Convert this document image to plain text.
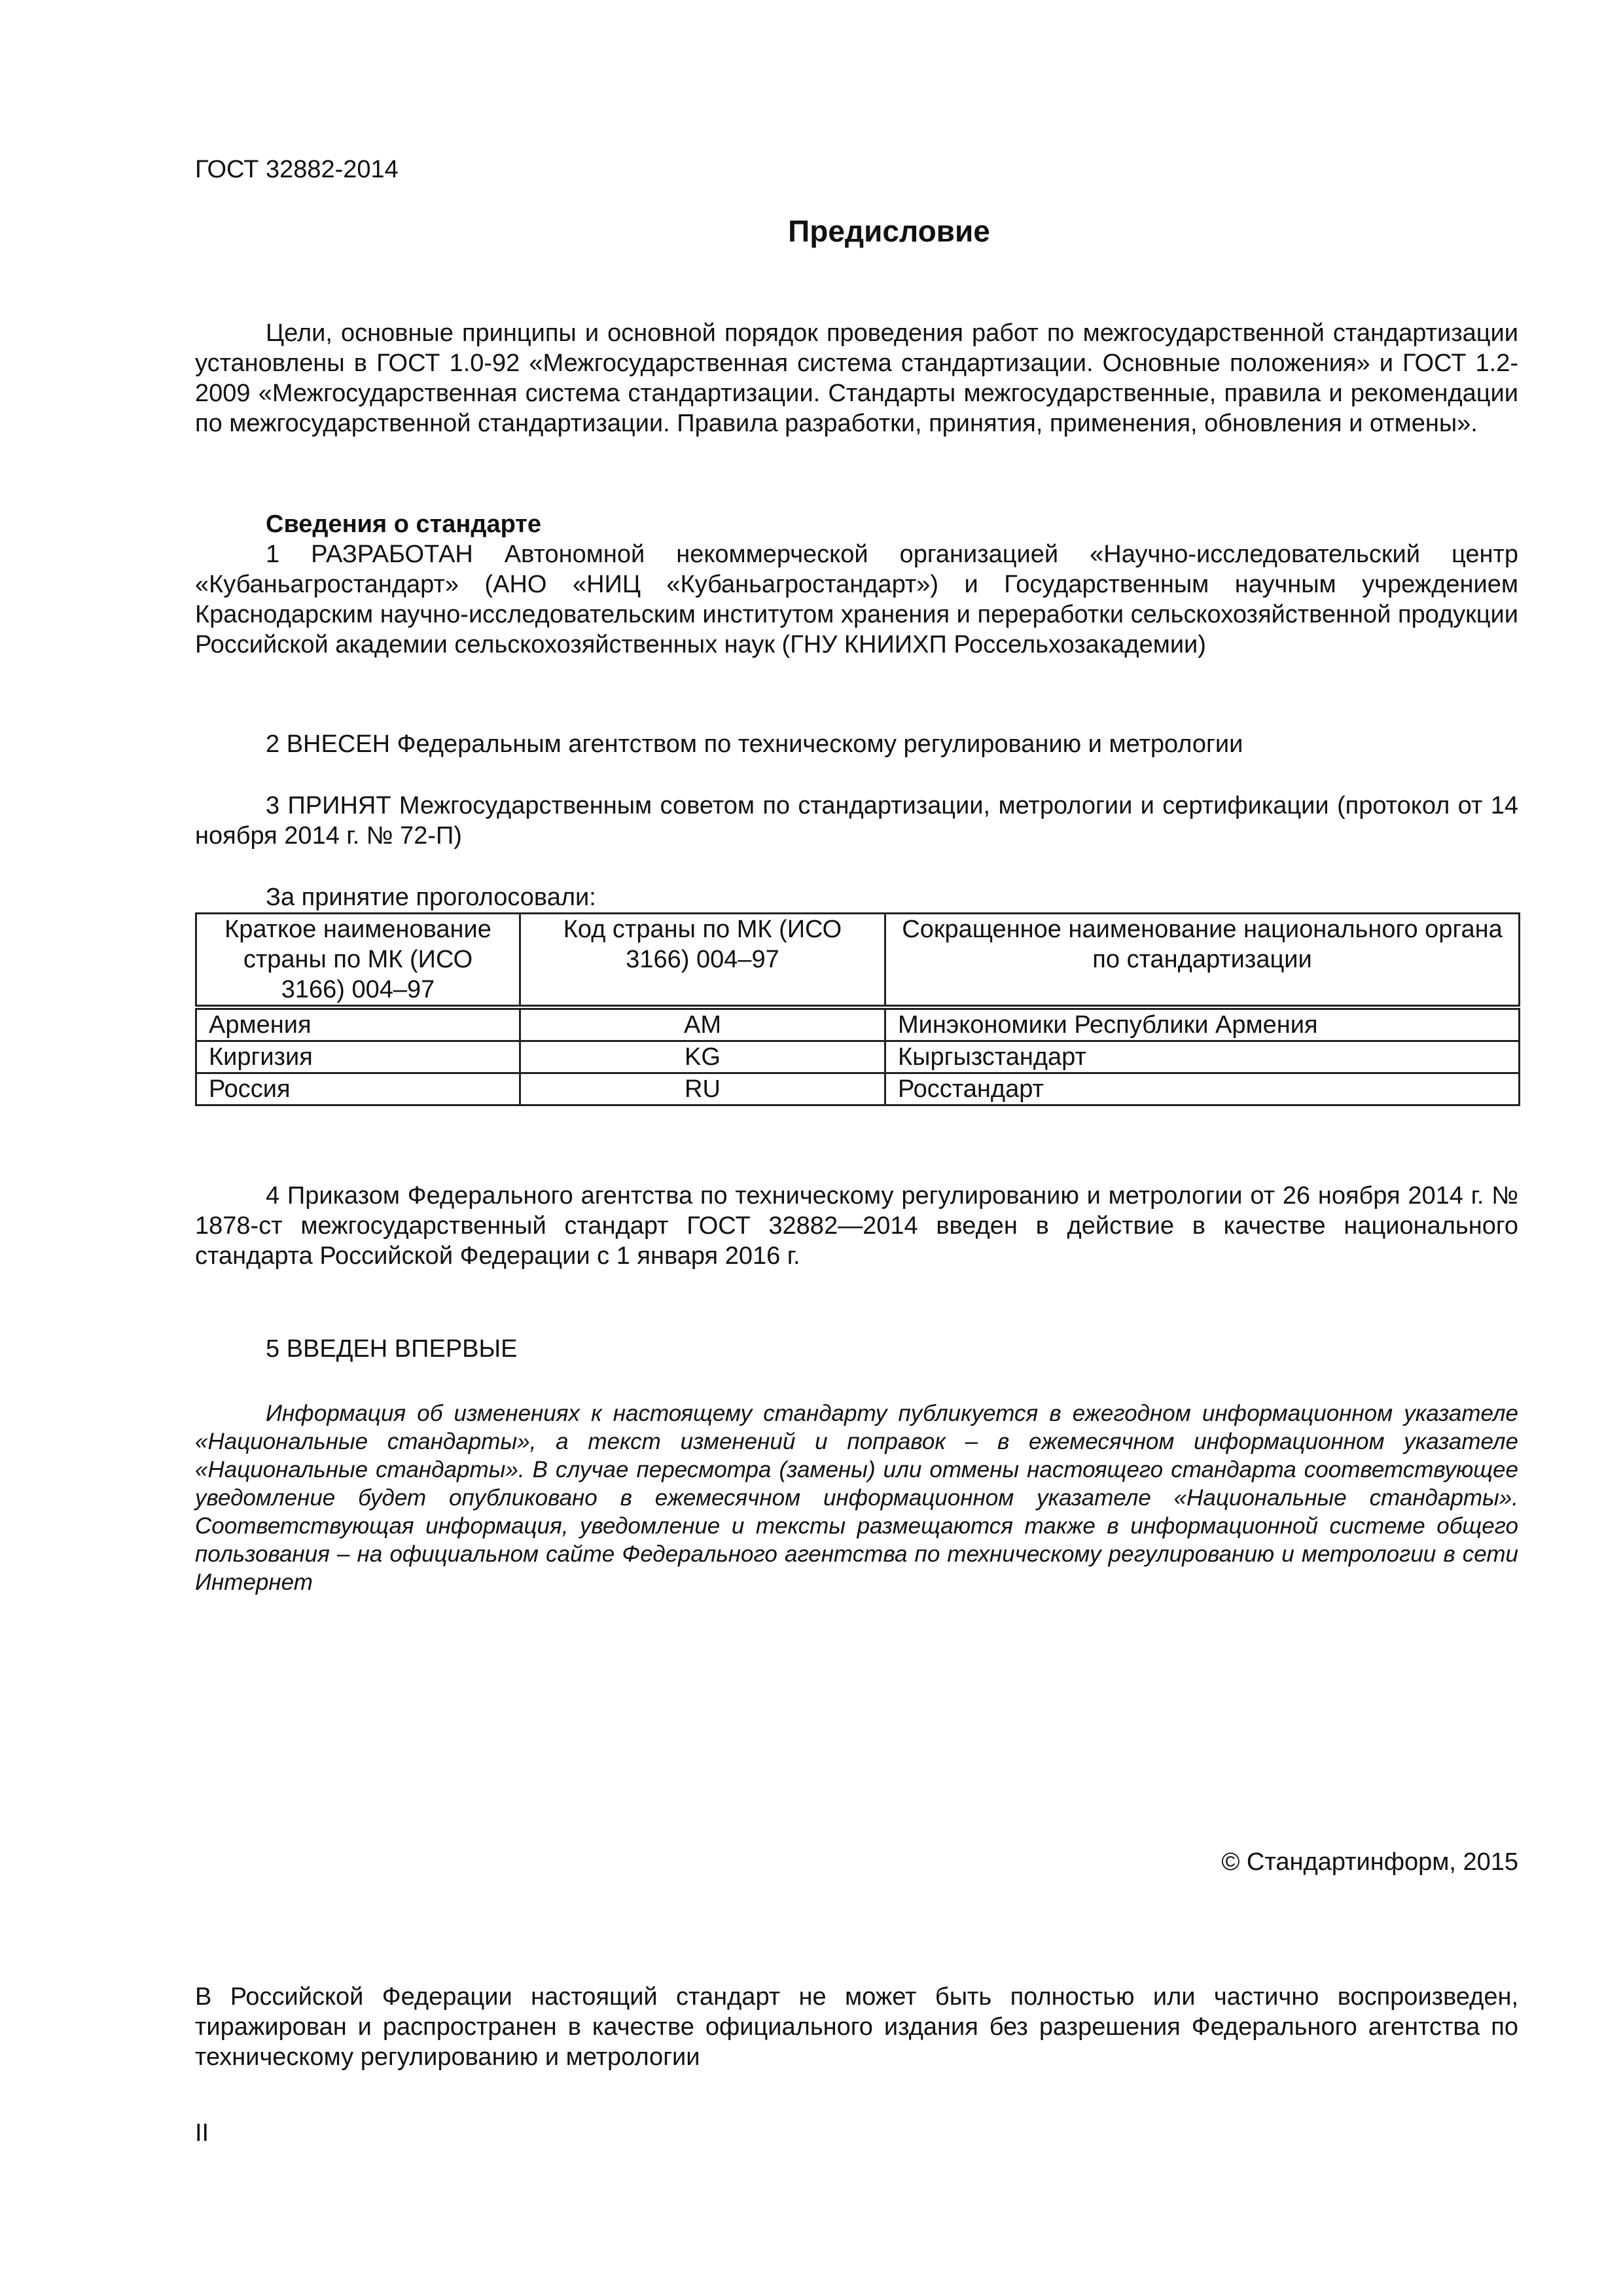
ГОСТ 32882-2014
Предисловие
Цели, основные принципы и основной порядок проведения работ по межгосударственной стандартизации установлены в ГОСТ 1.0-92 «Межгосударственная система стандартизации. Основные положения» и ГОСТ 1.2-2009 «Межгосударственная система стандартизации. Стандарты межгосударственные, правила и рекомендации по межгосударственной стандартизации. Правила разработки, принятия, применения, обновления и отмены».
Сведения о стандарте
1 РАЗРАБОТАН Автономной некоммерческой организацией «Научно-исследовательский центр «Кубаньагростандарт» (АНО «НИЦ «Кубаньагростандарт») и Государственным научным учреждением Краснодарским научно-исследовательским институтом хранения и переработки сельскохозяйственной продукции Российской академии сельскохозяйственных наук (ГНУ КНИИХП Россельхозакадемии)
2 ВНЕСЕН Федеральным агентством по техническому регулированию и метрологии
3 ПРИНЯТ Межгосударственным советом по стандартизации, метрологии и сертификации (протокол от 14 ноября 2014 г. № 72-П)
За принятие проголосовали:
Краткое наименование страны по МК (ИСО 3166) 004–97	Код страны по МК (ИСО 3166) 004–97	Сокращенное наименование национального органа по стандартизации
Армения	AM	Минэкономики Республики Армения
Киргизия	KG	Кыргызстандарт
Россия	RU	Росстандарт
4 Приказом Федерального агентства по техническому регулированию и метрологии от 26 ноября 2014 г. № 1878-ст межгосударственный стандарт ГОСТ 32882—2014 введен в действие в качестве национального стандарта Российской Федерации с 1 января 2016 г.
5 ВВЕДЕН ВПЕРВЫЕ
Информация об изменениях к настоящему стандарту публикуется в ежегодном информационном указателе «Национальные стандарты», а текст изменений и поправок – в ежемесячном информационном указателе «Национальные стандарты». В случае пересмотра (замены) или отмены настоящего стандарта соответствующее уведомление будет опубликовано в ежемесячном информационном указателе «Национальные стандарты». Соответствующая информация, уведомление и тексты размещаются также в информационной системе общего пользования – на официальном сайте Федерального агентства по техническому регулированию и метрологии в сети Интернет
© Стандартинформ, 2015
В Российской Федерации настоящий стандарт не может быть полностью или частично воспроизведен, тиражирован и распространен в качестве официального издания без разрешения Федерального агентства по техническому регулированию и метрологии
II
